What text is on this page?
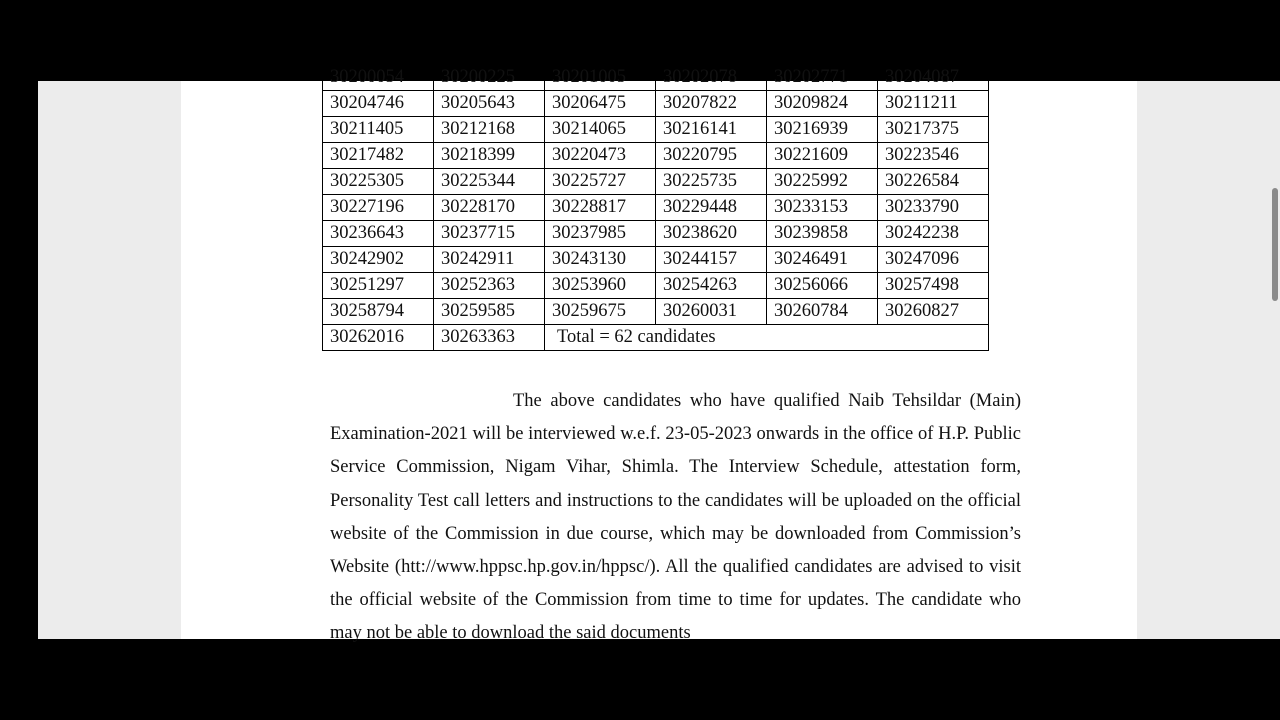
30200054	30200225	30201005	30202078	30202771	30204087
30204746	30205643	30206475	30207822	30209824	30211211
30211405	30212168	30214065	30216141	30216939	30217375
30217482	30218399	30220473	30220795	30221609	30223546
30225305	30225344	30225727	30225735	30225992	30226584
30227196	30228170	30228817	30229448	30233153	30233790
30236643	30237715	30237985	30238620	30239858	30242238
30242902	30242911	30243130	30244157	30246491	30247096
30251297	30252363	30253960	30254263	30256066	30257498
30258794	30259585	30259675	30260031	30260784	30260827
30262016	30263363	Total = 62 candidates			

The above candidates who have qualified Naib Tehsildar (Main) Examination-2021 will be interviewed w.e.f. 23-05-2023 onwards in the office of H.P. Public Service Commission, Nigam Vihar, Shimla. The Interview Schedule, attestation form, Personality Test call letters and instructions to the candidates will be uploaded on the official website of the Commission in due course, which may be downloaded from Commission’s Website (htt://www.hppsc.hp.gov.in/hppsc/). All the qualified candidates are advised to visit the official website of the Commission from time to time for updates. The candidate who may not be able to download the said documents
